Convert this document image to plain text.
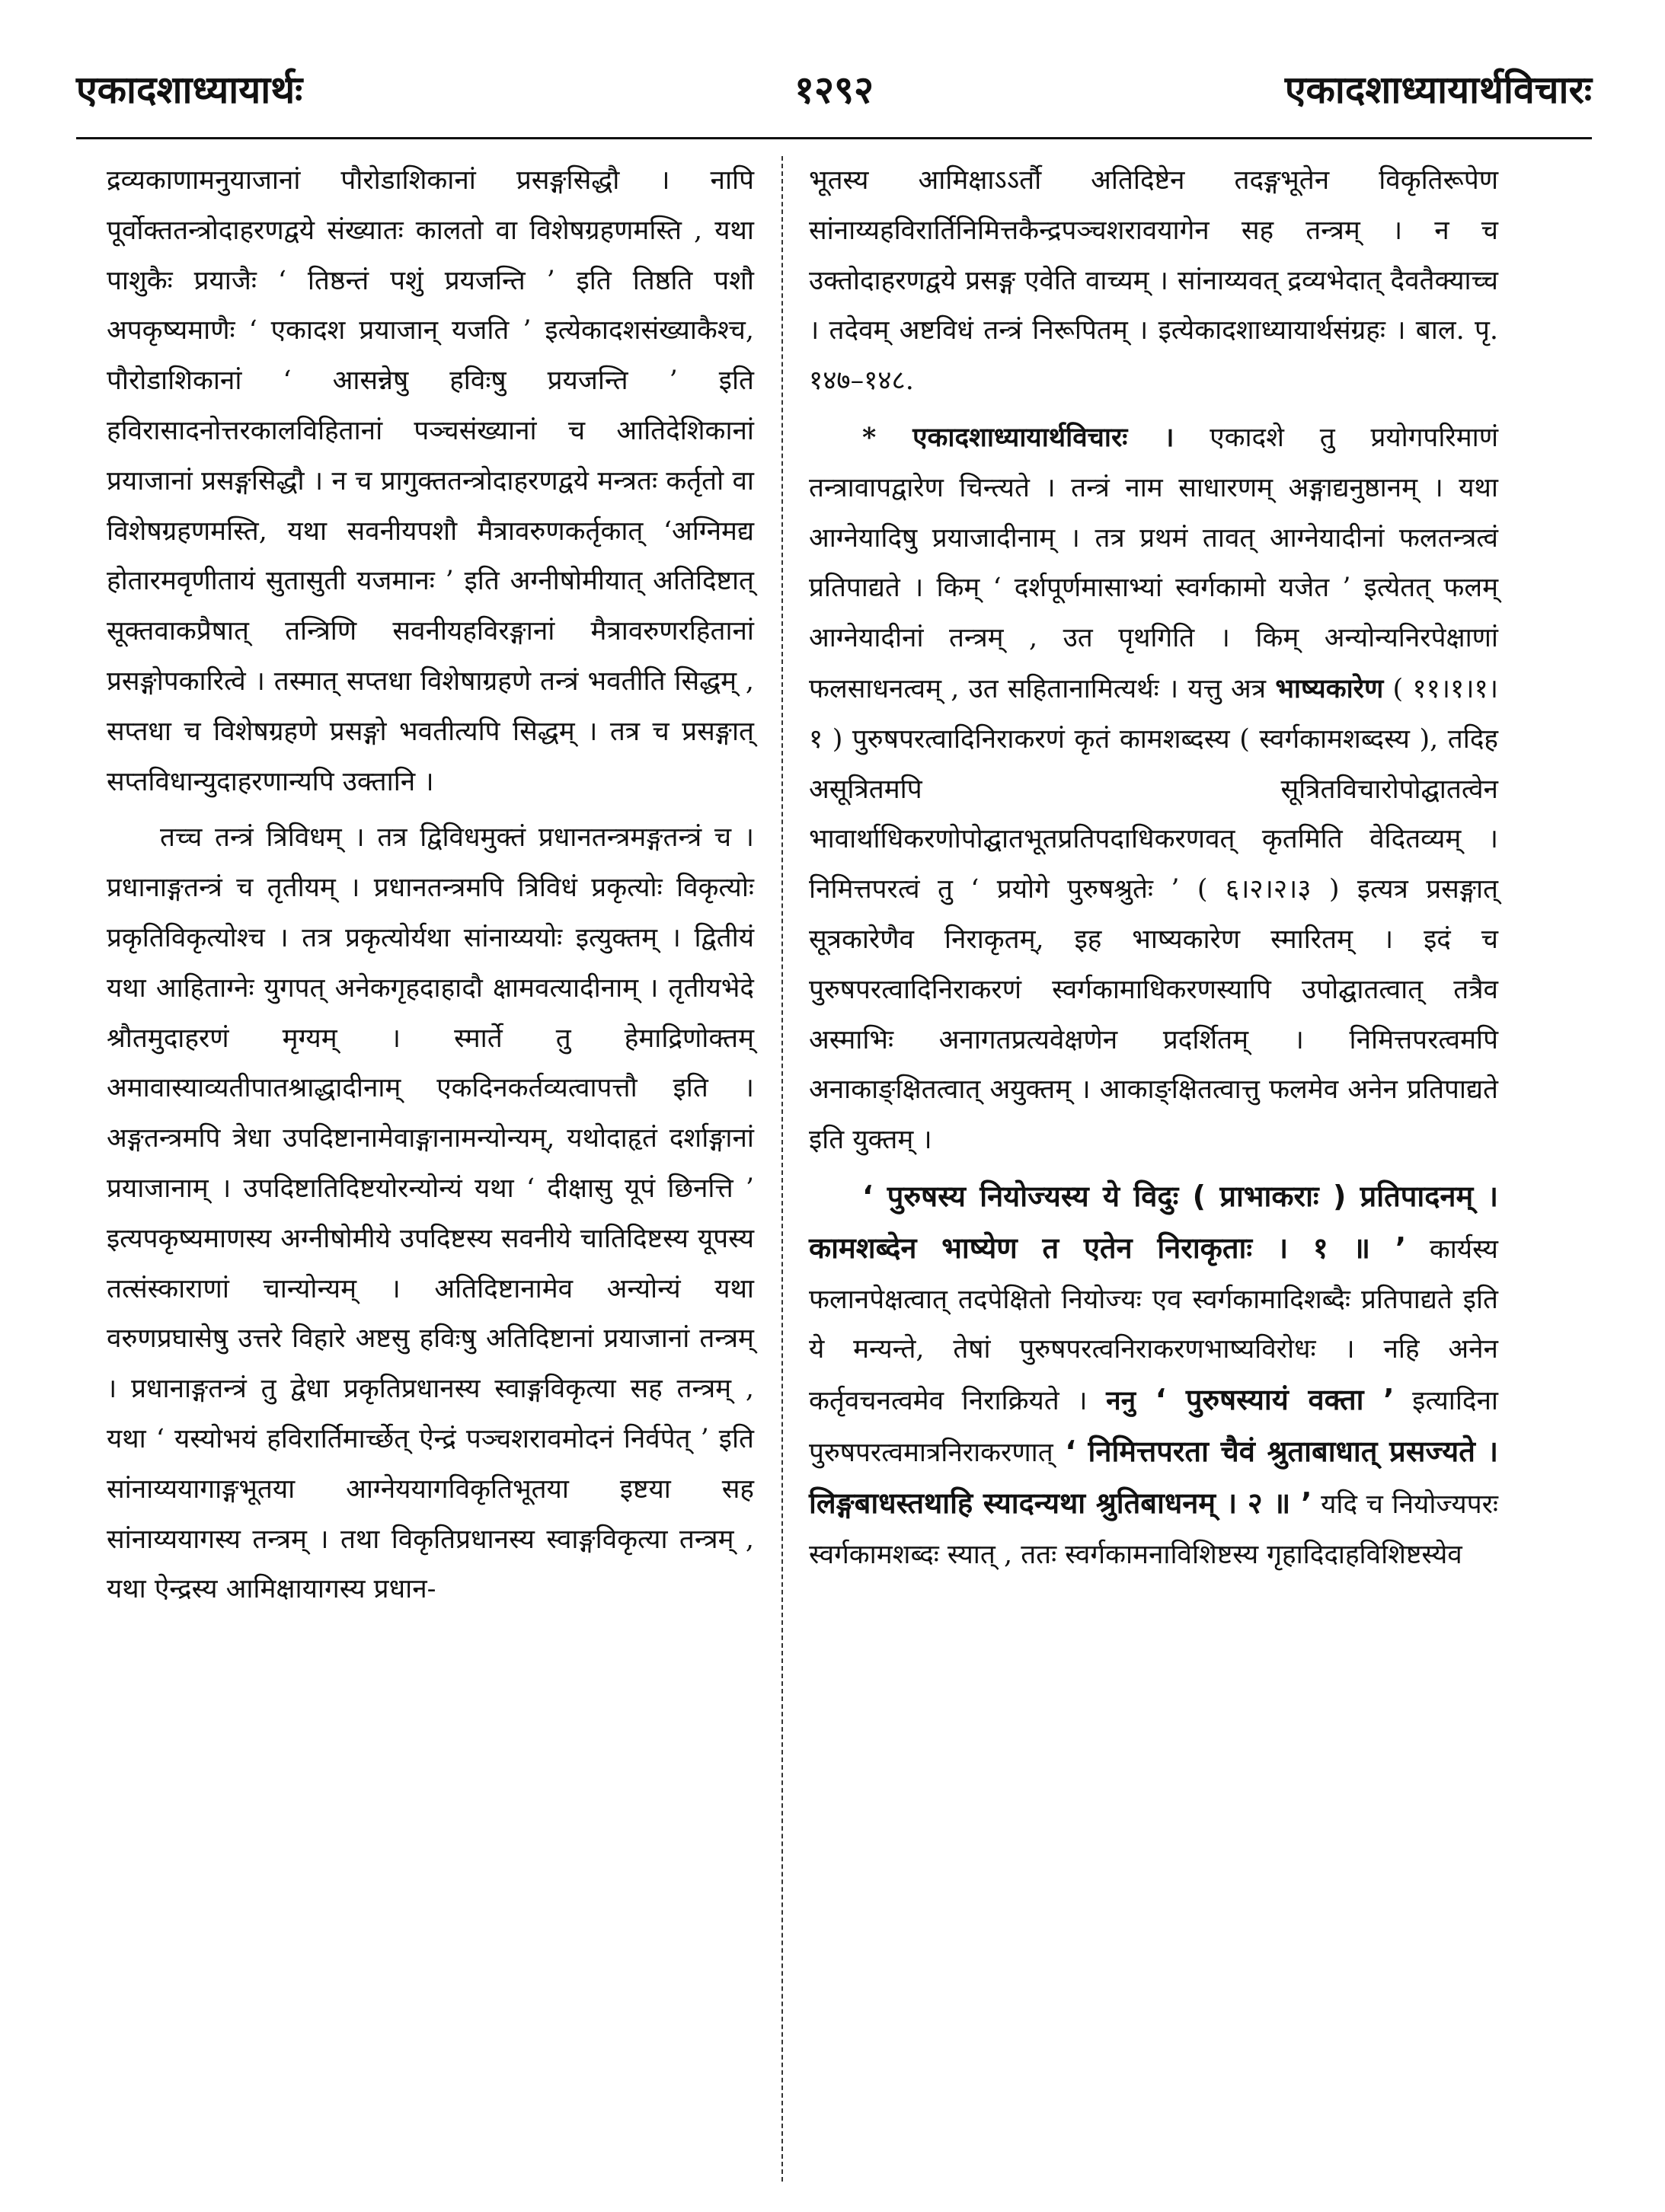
१२९२
एकादशाध्यायार्थः	एकादशाध्यायार्थविचारः

द्रव्यकाणामनुयाजानां पौरोडाशिकानां प्रसङ्गसिद्धौ । नापि पूर्वोक्ततन्त्रोदाहरणद्वये संख्यातः कालतो वा विशेषग्रहणमस्ति , यथा पाशुकैः प्रयाजैः ‘ तिष्ठन्तं पशुं प्रयजन्ति ’ इति तिष्ठति पशौ अपकृष्यमाणैः ‘ एकादश प्रयाजान् यजति ’ इत्येकादशसंख्याकैश्च, पौरोडाशिकानां ‘ आसन्नेषु हविःषु प्रयजन्ति ’ इति हविरासादनोत्तरकालविहितानां पञ्चसंख्यानां च आतिदेशिकानां प्रयाजानां प्रसङ्गसिद्धौ । न च प्रागुक्ततन्त्रोदाहरणद्वये मन्त्रतः कर्तृतो वा विशेषग्रहणमस्ति, यथा सवनीयपशौ मैत्रावरुणकर्तृकात् ‘अग्निमद्य होतारमवृणीतायं सुतासुती यजमानः ’ इति अग्नीषोमीयात् अतिदिष्टात् सूक्तवाकप्रैषात् तन्त्रिणि सवनीयहविरङ्गानां मैत्रावरुणरहितानां प्रसङ्गोपकारित्वे । तस्मात् सप्तधा विशेषाग्रहणे तन्त्रं भवतीति सिद्धम् , सप्तधा च विशेषग्रहणे प्रसङ्गो भवतीत्यपि सिद्धम् । तत्र च प्रसङ्गात् सप्तविधान्युदाहरणान्यपि उक्तानि ।

तच्च तन्त्रं त्रिविधम् । तत्र द्विविधमुक्तं प्रधानतन्त्रमङ्गतन्त्रं च । प्रधानाङ्गतन्त्रं च तृतीयम् । प्रधानतन्त्रमपि त्रिविधं प्रकृत्योः विकृत्योः प्रकृतिविकृत्योश्च । तत्र प्रकृत्योर्यथा सांनाय्ययोः इत्युक्तम् । द्वितीयं यथा आहिताग्नेः युगपत् अनेकगृहदाहादौ क्षामवत्यादीनाम् । तृतीयभेदे श्रौतमुदाहरणं मृग्यम् । स्मार्ते तु हेमाद्रिणोक्तम् अमावास्याव्यतीपातश्राद्धादीनाम् एकदिनकर्तव्यत्वापत्तौ इति । अङ्गतन्त्रमपि त्रेधा उपदिष्टानामेवाङ्गानामन्योन्यम्, यथोदाहृतं दर्शाङ्गानां प्रयाजानाम् । उपदिष्टातिदिष्टयोरन्योन्यं यथा ‘ दीक्षासु यूपं छिनत्ति ’ इत्यपकृष्यमाणस्य अग्नीषोमीये उपदिष्टस्य सवनीये चातिदिष्टस्य यूपस्य तत्संस्काराणां चान्योन्यम् । अतिदिष्टानामेव अन्योन्यं यथा वरुणप्रघासेषु उत्तरे विहारे अष्टसु हविःषु अतिदिष्टानां प्रयाजानां तन्त्रम् । प्रधानाङ्गतन्त्रं तु द्वेधा प्रकृतिप्रधानस्य स्वाङ्गविकृत्या सह तन्त्रम् , यथा ‘ यस्योभयं हविरार्तिमार्च्छेत् ऐन्द्रं पञ्चशरावमोदनं निर्वपेत् ’ इति सांनाय्ययागाङ्गभूतया आग्नेययागविकृतिभूतया इष्टया सह सांनाय्ययागस्य तन्त्रम् । तथा विकृतिप्रधानस्य स्वाङ्गविकृत्या तन्त्रम् , यथा ऐन्द्रस्य आमिक्षायागस्य प्रधान-

भूतस्य आमिक्षाऽऽर्तौ अतिदिष्टेन तदङ्गभूतेन विकृतिरूपेण सांनाय्यहविरार्तिनिमित्तकैन्द्रपञ्चशरावयागेन सह तन्त्रम् । न च उक्तोदाहरणद्वये प्रसङ्ग एवेति वाच्यम् । सांनाय्यवत् द्रव्यभेदात् दैवतैक्याच्च । तदेवम् अष्टविधं तन्त्रं निरूपितम् । इत्येकादशाध्यायार्थसंग्रहः । बाल. पृ. १४७–१४८.

* एकादशाध्यायार्थविचारः । एकादशे तु प्रयोगपरिमाणं तन्त्रावापद्वारेण चिन्त्यते । तन्त्रं नाम साधारणम् अङ्गाद्यनुष्ठानम् । यथा आग्नेयादिषु प्रयाजादीनाम् । तत्र प्रथमं तावत् आग्नेयादीनां फलतन्त्रत्वं प्रतिपाद्यते । किम् ‘ दर्शपूर्णमासाभ्यां स्वर्गकामो यजेत ’ इत्येतत् फलम् आग्नेयादीनां तन्त्रम् , उत पृथगिति । किम् अन्योन्यनिरपेक्षाणां फलसाधनत्वम् , उत सहितानामित्यर्थः । यत्तु अत्र भाष्यकारेण ( ११।१।१।१ ) पुरुषपरत्वादिनिराकरणं कृतं कामशब्दस्य ( स्वर्गकामशब्दस्य ), तदिह असूत्रितमपि सूत्रितविचारोपोद्घातत्वेन भावार्थाधिकरणोपोद्घातभूतप्रतिपदाधिकरणवत् कृतमिति वेदितव्यम् । निमित्तपरत्वं तु ‘ प्रयोगे पुरुषश्रुतेः ’ ( ६।२।२।३ ) इत्यत्र प्रसङ्गात् सूत्रकारेणैव निराकृतम्, इह भाष्यकारेण स्मारितम् । इदं च पुरुषपरत्वादिनिराकरणं स्वर्गकामाधिकरणस्यापि उपोद्घातत्वात् तत्रैव अस्माभिः अनागतप्रत्यवेक्षणेन प्रदर्शितम् । निमित्तपरत्वमपि अनाकाङ्क्षितत्वात् अयुक्तम् । आकाङ्क्षितत्वात्तु फलमेव अनेन प्रतिपाद्यते इति युक्तम् ।

‘ पुरुषस्य नियोज्यस्य ये विदुः ( प्राभाकराः ) प्रतिपादनम् । कामशब्देन भाष्येण त एतेन निराकृताः । १ ॥ ’ कार्यस्य फलानपेक्षत्वात् तदपेक्षितो नियोज्यः एव स्वर्गकामादिशब्दैः प्रतिपाद्यते इति ये मन्यन्ते, तेषां पुरुषपरत्वनिराकरणभाष्यविरोधः । नहि अनेन कर्तृवचनत्वमेव निराक्रियते । ननु ‘ पुरुषस्यायं वक्ता ’ इत्यादिना पुरुषपरत्वमात्रनिराकरणात् ‘ निमित्तपरता चैवं श्रुताबाधात् प्रसज्यते । लिङ्गबाधस्तथाहि स्यादन्यथा श्रुतिबाधनम् । २ ॥ ’ यदि च नियोज्यपरः स्वर्गकामशब्दः स्यात् , ततः स्वर्गकामनाविशिष्टस्य गृहादिदाहविशिष्टस्येव
